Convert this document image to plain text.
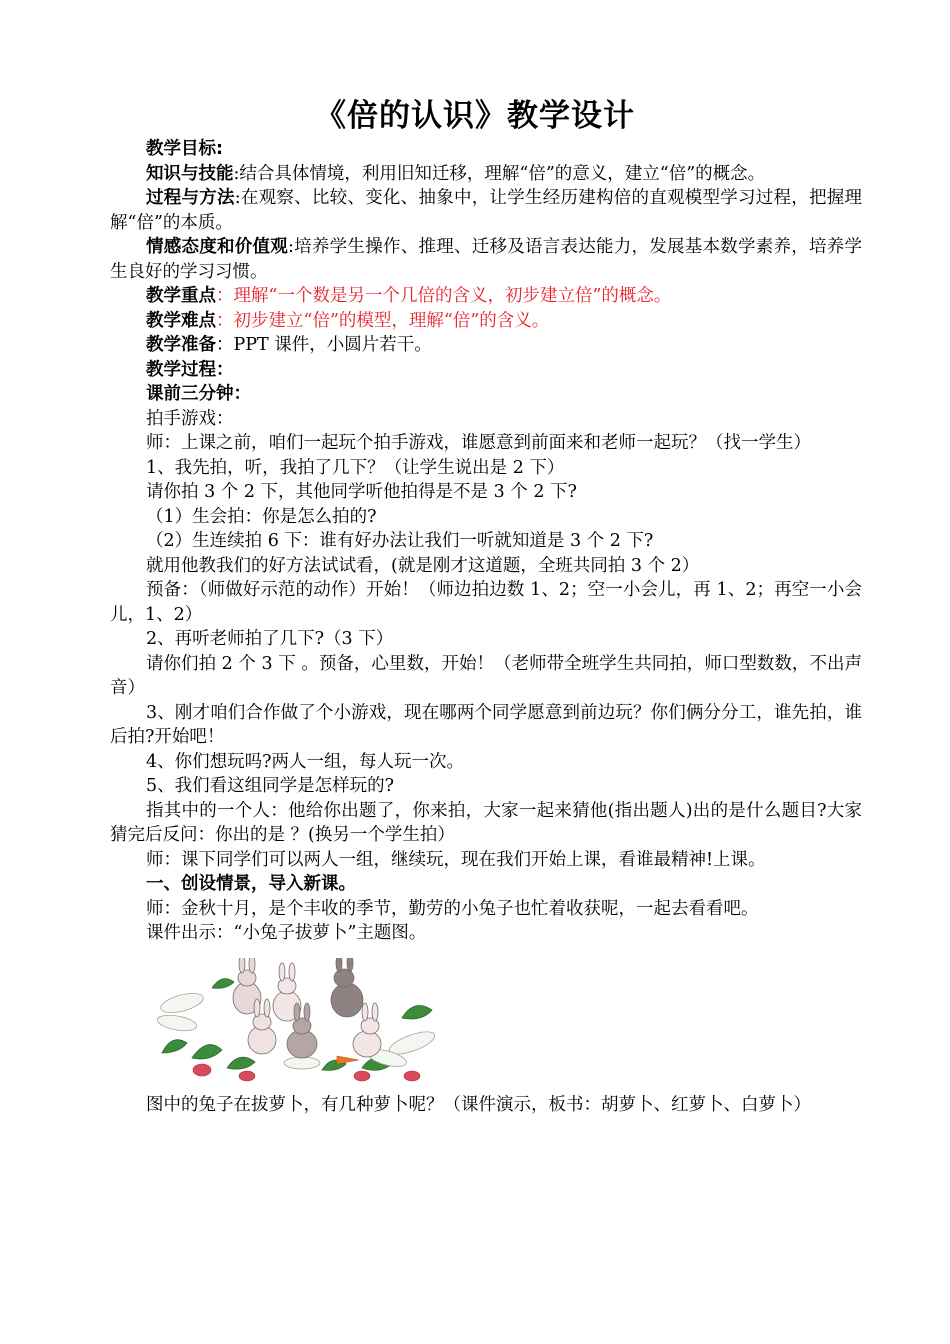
《倍的认识》教学设计

教学目标:

知识与技能:结合具体情境，利用旧知迁移，理解“倍”的意义，建立“倍”的概念。

过程与方法:在观察、比较、变化、抽象中，让学生经历建构倍的直观模型学习过程，把握理解“倍”的本质。

情感态度和价值观:培养学生操作、推理、迁移及语言表达能力，发展基本数学素养，培养学生良好的学习习惯。

教学重点：理解“一个数是另一个几倍的含义，初步建立倍”的概念。

教学难点：初步建立“倍”的模型，理解“倍”的含义。

教学准备：PPT 课件，小圆片若干。

教学过程：

课前三分钟：

拍手游戏：

师：上课之前，咱们一起玩个拍手游戏，谁愿意到前面来和老师一起玩？（找一学生）

1、我先拍，听，我拍了几下？（让学生说出是 2 下）

请你拍 3 个 2 下，其他同学听他拍得是不是 3 个 2 下?

（1）生会拍：你是怎么拍的?

（2）生连续拍 6 下：谁有好办法让我们一听就知道是 3 个 2 下?

就用他教我们的好方法试试看，(就是刚才这道题，全班共同拍 3 个 2）

预备：（师做好示范的动作）开始！（师边拍边数 1、2；空一小会儿，再 1、2；再空一小会儿，1、2）

2、再听老师拍了几下?（3 下）

请你们拍 2 个 3 下 。预备，心里数，开始！（老师带全班学生共同拍，师口型数数，不出声音）

3、刚才咱们合作做了个小游戏，现在哪两个同学愿意到前边玩？你们俩分分工，谁先拍，谁后拍?开始吧！

4、你们想玩吗?两人一组，每人玩一次。

5、我们看这组同学是怎样玩的?

指其中的一个人：他给你出题了，你来拍，大家一起来猜他(指出题人)出的是什么题目?大家猜完后反问：你出的是 ？(换另一个学生拍）

师：课下同学们可以两人一组，继续玩，现在我们开始上课，看谁最精神!上课。

一、创设情景，导入新课。

师：金秋十月，是个丰收的季节，勤劳的小兔子也忙着收获呢，一起去看看吧。

课件出示：“小兔子拔萝卜”主题图。

图中的兔子在拔萝卜，有几种萝卜呢？（课件演示，板书：胡萝卜、红萝卜、白萝卜）
